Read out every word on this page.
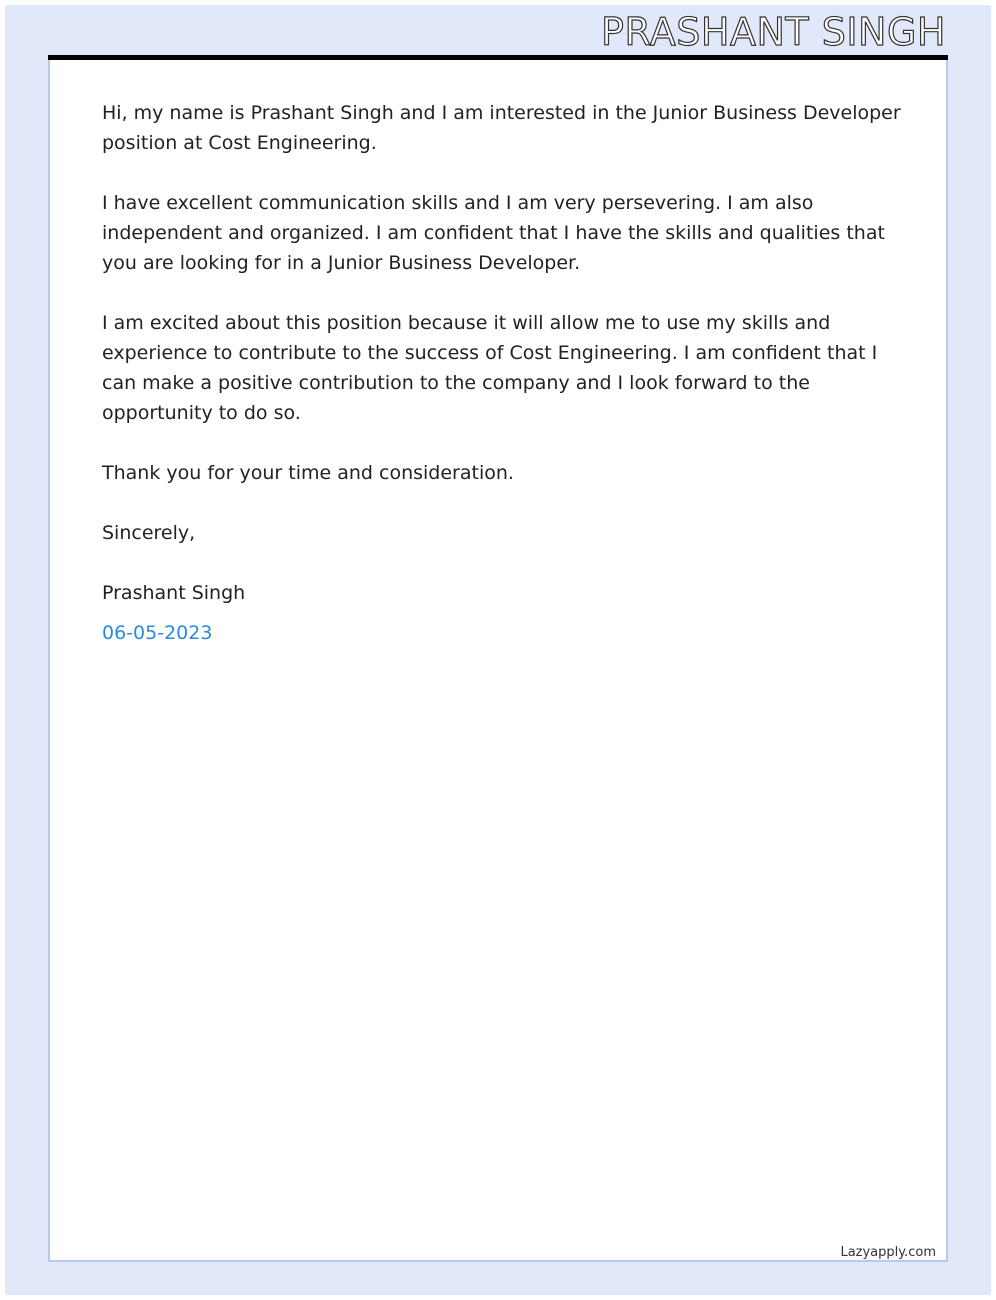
PRASHANT SINGH

Hi, my name is Prashant Singh and I am interested in the Junior Business Developer position at Cost Engineering.

I have excellent communication skills and I am very persevering. I am also independent and organized. I am confident that I have the skills and qualities that you are looking for in a Junior Business Developer.

I am excited about this position because it will allow me to use my skills and experience to contribute to the success of Cost Engineering. I am confident that I can make a positive contribution to the company and I look forward to the opportunity to do so.

Thank you for your time and consideration.

Sincerely,

Prashant Singh

06-05-2023

Lazyapply.com
